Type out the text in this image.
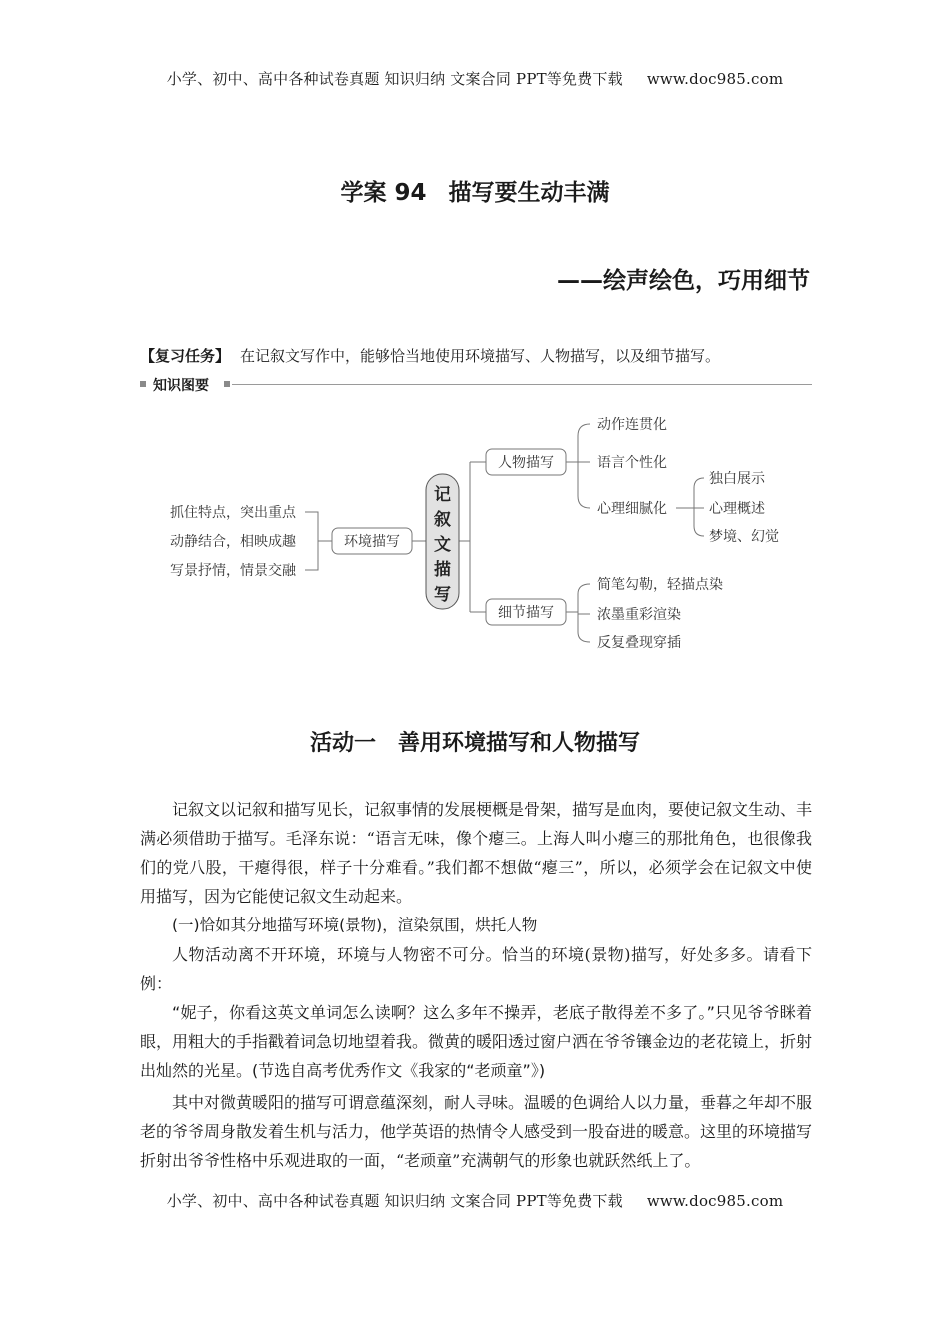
小学、初中、高中各种试卷真题 知识归纳 文案合同 PPT等免费下载 www.doc985.com
学案 94 描写要生动丰满
——绘声绘色，巧用细节
【复习任务】 在记叙文写作中，能够恰当地使用环境描写、人物描写，以及细节描写。
知识图要
抓住特点，突出重点
动静结合，相映成趣
写景抒情，情景交融
环境描写
记叙文描写
人物描写
动作连贯化
语言个性化
心理细腻化
独白展示
心理概述
梦境、幻觉
细节描写
简笔勾勒，轻描点染
浓墨重彩渲染
反复叠现穿插
活动一 善用环境描写和人物描写

记叙文以记叙和描写见长，记叙事情的发展梗概是骨架，描写是血肉，要使记叙文生动、丰满必须借助于描写。毛泽东说：“语言无味，像个瘪三。上海人叫小瘪三的那批角色，也很像我们的党八股，干瘪得很，样子十分难看。”我们都不想做“瘪三”，所以，必须学会在记叙文中使用描写，因为它能使记叙文生动起来。

(一)恰如其分地描写环境(景物)，渲染氛围，烘托人物

人物活动离不开环境，环境与人物密不可分。恰当的环境(景物)描写，好处多多。请看下例：

“妮子，你看这英文单词怎么读啊？这么多年不操弄，老底子散得差不多了。”只见爷爷眯着眼，用粗大的手指戳着词急切地望着我。微黄的暖阳透过窗户洒在爷爷镶金边的老花镜上，折射出灿然的光星。(节选自高考优秀作文《我家的“老顽童”》)

其中对微黄暖阳的描写可谓意蕴深刻，耐人寻味。温暖的色调给人以力量，垂暮之年却不服老的爷爷周身散发着生机与活力，他学英语的热情令人感受到一股奋进的暖意。这里的环境描写折射出爷爷性格中乐观进取的一面，“老顽童”充满朝气的形象也就跃然纸上了。

小学、初中、高中各种试卷真题 知识归纳 文案合同 PPT等免费下载 www.doc985.com
